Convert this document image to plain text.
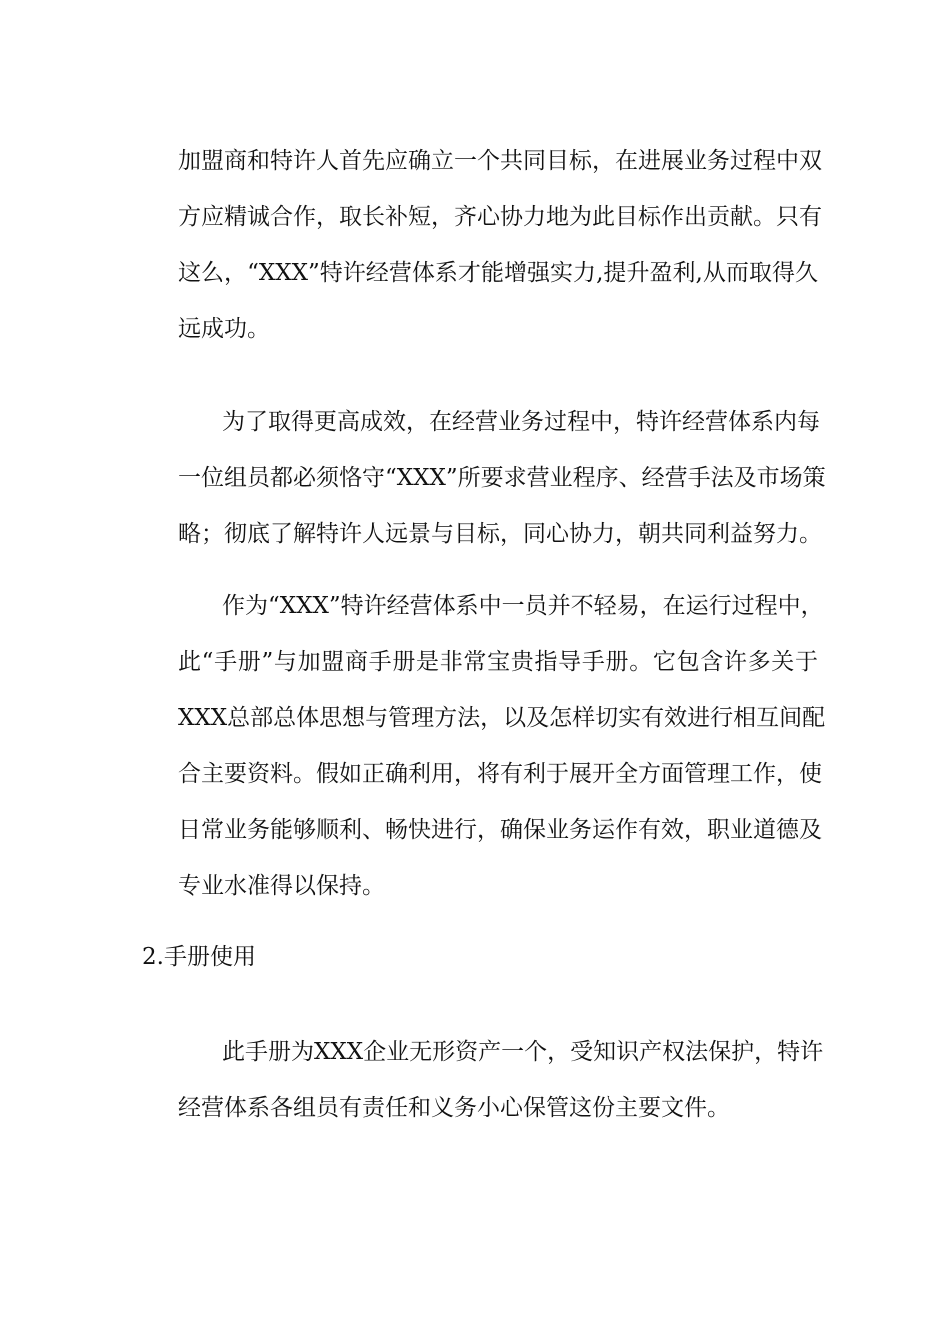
加盟商和特许人首先应确立一个共同目标，在进展业务过程中双
方应精诚合作，取长补短，齐心协力地为此目标作出贡献。只有
这么，“XXX”特许经营体系才能增强实力,提升盈利,从而取得久
远成功。
为了取得更高成效，在经营业务过程中，特许经营体系内每
一位组员都必须恪守“XXX”所要求营业程序、经营手法及市场策
略；彻底了解特许人远景与目标，同心协力，朝共同利益努力。
作为“XXX”特许经营体系中一员并不轻易，在运行过程中，
此“手册”与加盟商手册是非常宝贵指导手册。它包含许多关于
XXX总部总体思想与管理方法，以及怎样切实有效进行相互间配
合主要资料。假如正确利用，将有利于展开全方面管理工作，使
日常业务能够顺利、畅快进行，确保业务运作有效，职业道德及
专业水准得以保持。
2.手册使用
此手册为XXX企业无形资产一个，受知识产权法保护，特许
经营体系各组员有责任和义务小心保管这份主要文件。
